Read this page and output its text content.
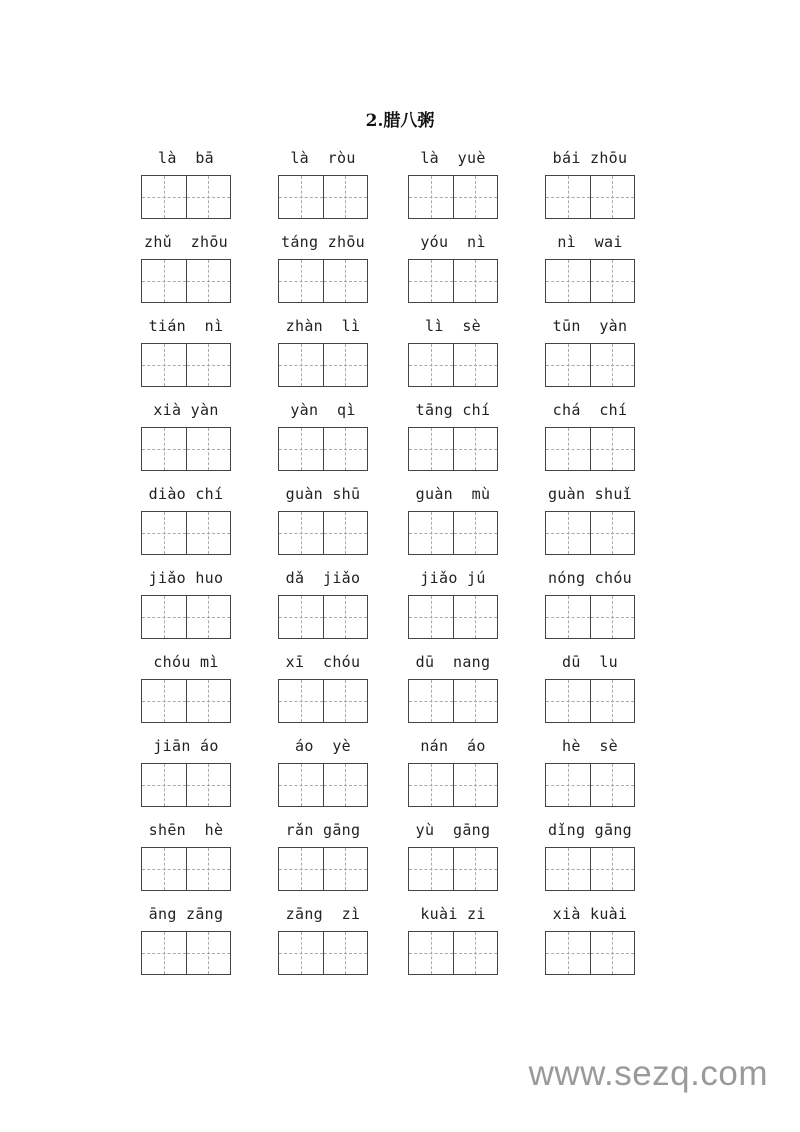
2.腊八粥
là  bā	là  ròu	là  yuè	bái zhōu
zhǔ  zhōu	táng zhōu	yóu  nì	nì  wai
tián  nì	zhàn  lì	lì  sè	tūn  yàn
xià yàn	yàn  qì	tāng chí	chá  chí
diào chí	guàn shū	guàn  mù	guàn shuǐ
jiǎo huo	dǎ  jiǎo	jiǎo jú	nóng chóu
chóu mì	xī  chóu	dū  nang	dū  lu
jiān áo	áo  yè	nán  áo	hè  sè
shēn  hè	rǎn gāng	yù  gāng	dǐng gāng
āng zāng	zāng  zì	kuài zi	xià kuài
www.sezq.com
